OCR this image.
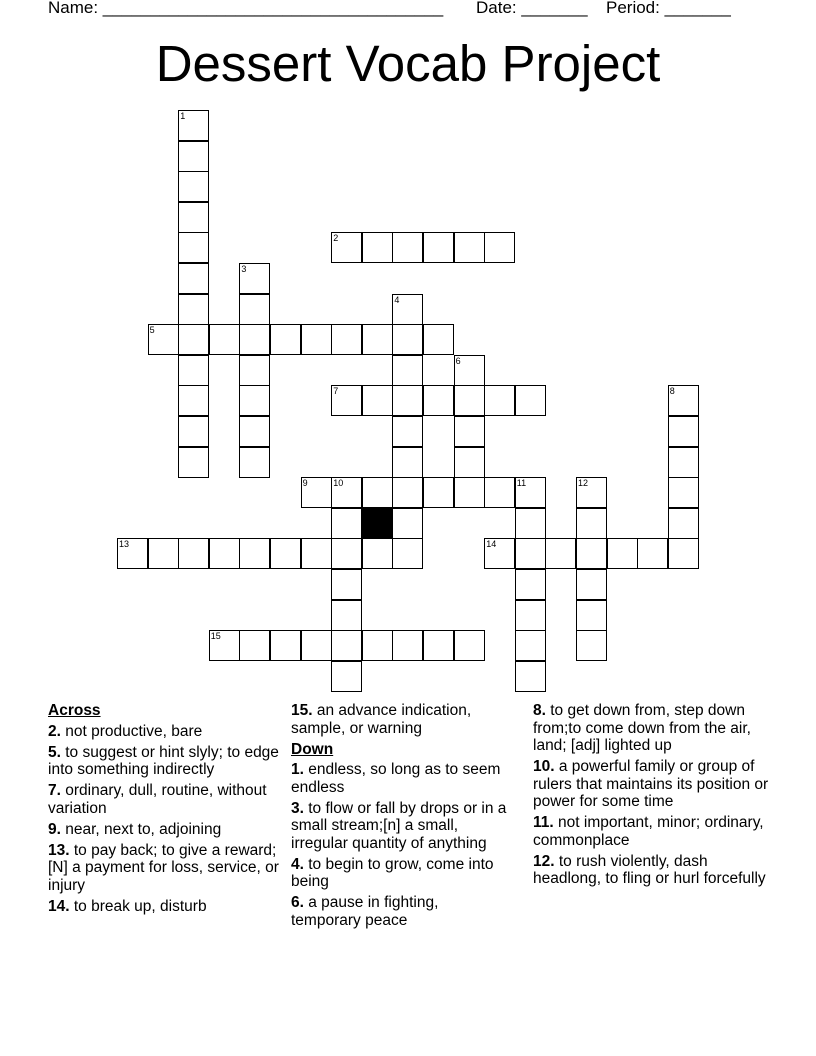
Name: ____________________________________ Date: _______ Period: _______
Dessert Vocab Project
1
2
3
4
5
6
7	8
9	10	11	12
13	14
15
Across
2. not productive, bare
5. to suggest or hint slyly; to edge into something indirectly
7. ordinary, dull, routine, without variation
9. near, next to, adjoining
13. to pay back; to give a reward; [N] a payment for loss, service, or injury
14. to break up, disturb
15. an advance indication, sample, or warning
Down
1. endless, so long as to seem endless
3. to flow or fall by drops or in a small stream;[n] a small, irregular quantity of anything
4. to begin to grow, come into being
6. a pause in fighting, temporary peace
8. to get down from, step down from;to come down from the air, land; [adj] lighted up
10. a powerful family or group of rulers that maintains its position or power for some time
11. not important, minor; ordinary, commonplace
12. to rush violently, dash headlong, to fling or hurl forcefully
